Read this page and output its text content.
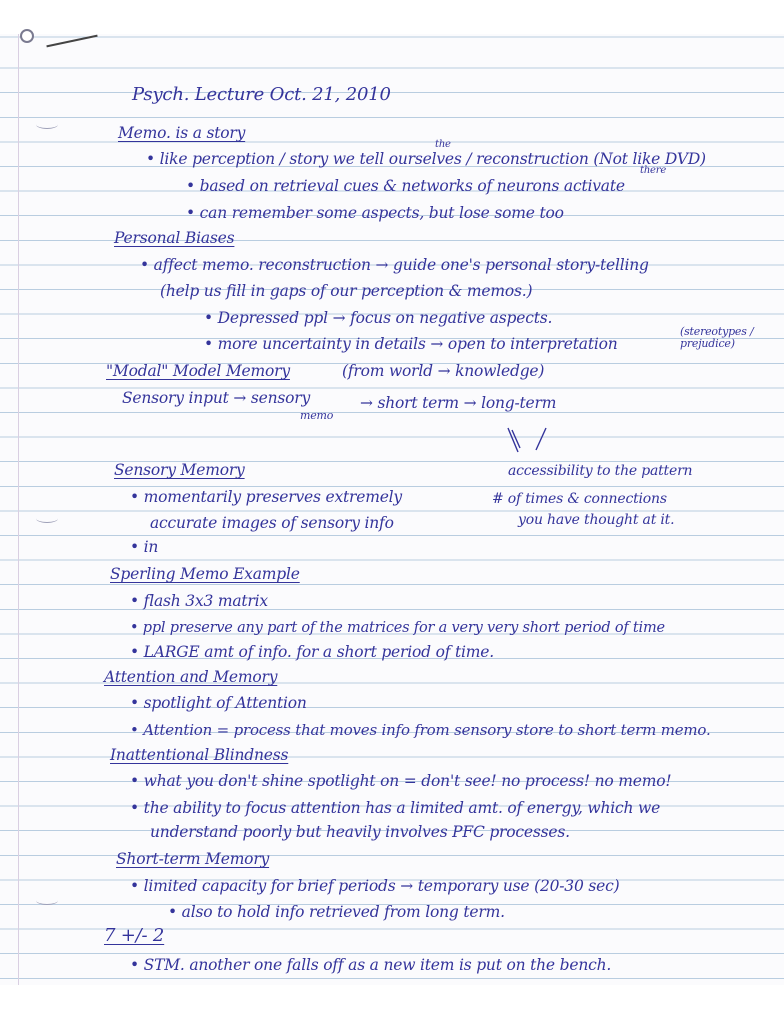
Psych. Lecture Oct. 21, 2010
Memo. is a story
• like perception / story we tell ourselves / reconstruction (Not like DVD)
the
there
• based on retrieval cues & networks of neurons activate
• can remember some aspects, but lose some too
Personal Biases
• affect memo. reconstruction → guide one's personal story-telling
(help us fill in gaps of our perception & memos.)
• Depressed ppl → focus on negative aspects.
• more uncertainty in details → open to interpretation
(stereotypes / prejudice)
"Modal" Model Memory	(from world → knowledge)
Sensory input → sensory
memo
→ short term → long-term
Sensory Memory
• momentarily preserves extremely
accurate images of sensory info
• in
accessibility to the pattern
# of times & connections
you have thought at it.
Sperling Memo Example
• flash 3x3 matrix
• ppl preserve any part of the matrices for a very very short period of time
• LARGE amt of info. for a short period of time.
Attention and Memory
• spotlight of Attention
• Attention = process that moves info from sensory store to short term memo.
Inattentional Blindness
• what you don't shine spotlight on = don't see! no process! no memo!
• the ability to focus attention has a limited amt. of energy, which we
understand poorly but heavily involves PFC processes.
Short-term Memory
• limited capacity for brief periods → temporary use (20-30 sec)
• also to hold info retrieved from long term.
7 +/- 2
• STM. another one falls off as a new item is put on the bench.
